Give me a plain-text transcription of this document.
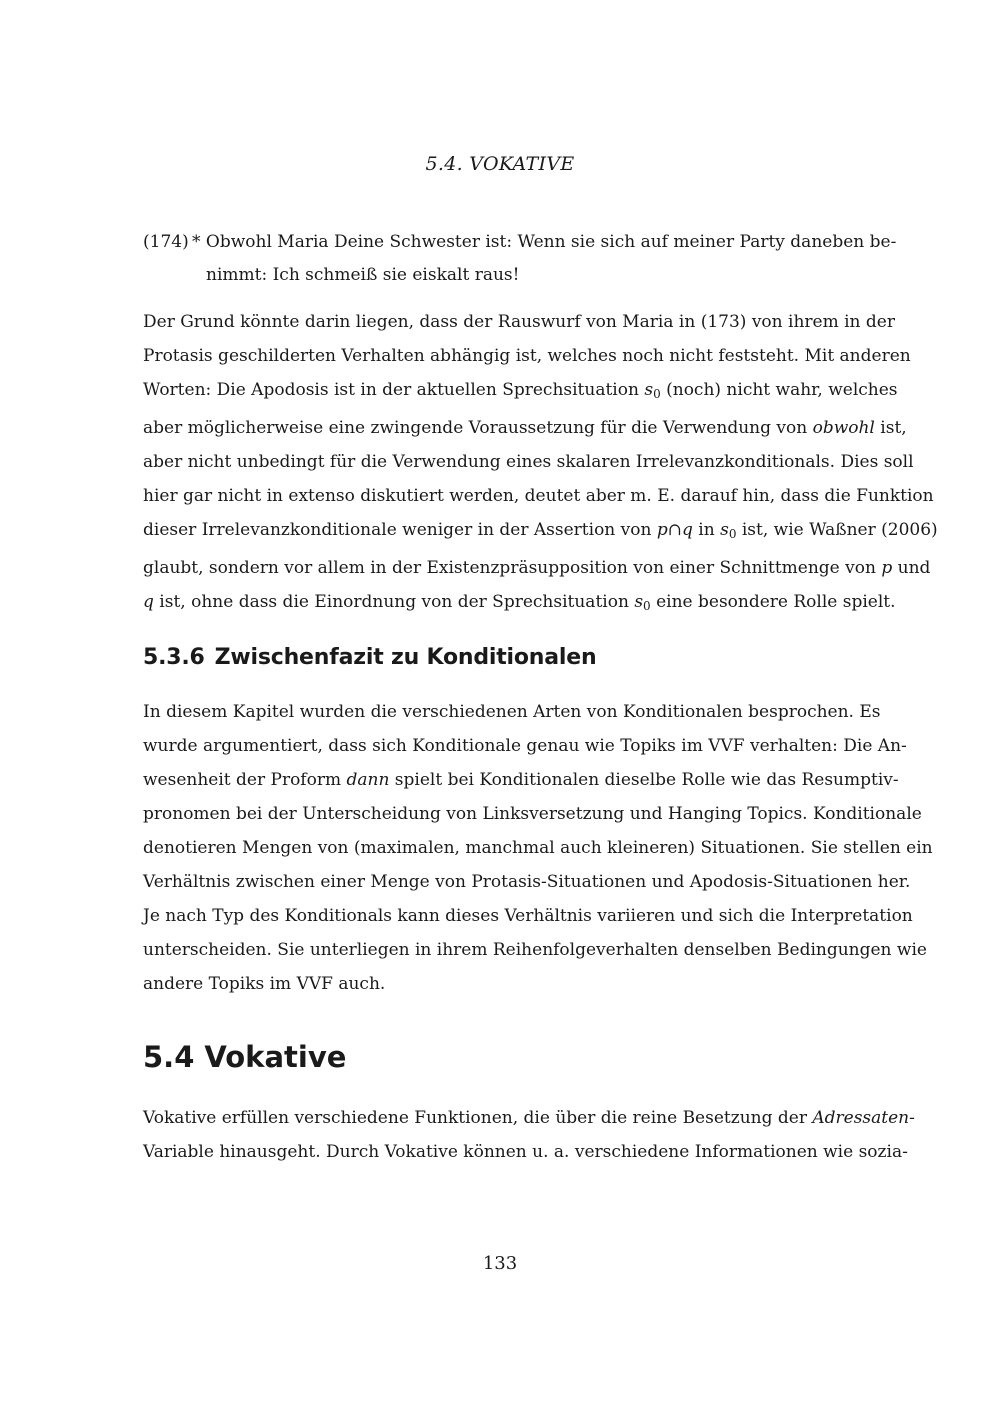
5.4. VOKATIVE
(174) * Obwohl Maria Deine Schwester ist: Wenn sie sich auf meiner Party daneben be-
nimmt: Ich schmeiß sie eiskalt raus!
Der Grund könnte darin liegen, dass der Rauswurf von Maria in (173) von ihrem in der
Protasis geschilderten Verhalten abhängig ist, welches noch nicht feststeht. Mit anderen
Worten: Die Apodosis ist in der aktuellen Sprechsituation $s_0$ (noch) nicht wahr, welches
aber möglicherweise eine zwingende Voraussetzung für die Verwendung von obwohl ist,
aber nicht unbedingt für die Verwendung eines skalaren Irrelevanzkonditionals. Dies soll
hier gar nicht in extenso diskutiert werden, deutet aber m. E. darauf hin, dass die Funktion
dieser Irrelevanzkonditionale weniger in der Assertion von p∩q in $s_0$ ist, wie Waßner (2006)
glaubt, sondern vor allem in der Existenzpräsupposition von einer Schnittmenge von p und
q ist, ohne dass die Einordnung von der Sprechsituation $s_0$ eine besondere Rolle spielt.
5.3.6 Zwischenfazit zu Konditionalen
In diesem Kapitel wurden die verschiedenen Arten von Konditionalen besprochen. Es
wurde argumentiert, dass sich Konditionale genau wie Topiks im VVF verhalten: Die An-
wesenheit der Proform dann spielt bei Konditionalen dieselbe Rolle wie das Resumptiv-
pronomen bei der Unterscheidung von Linksversetzung und Hanging Topics. Konditionale
denotieren Mengen von (maximalen, manchmal auch kleineren) Situationen. Sie stellen ein
Verhältnis zwischen einer Menge von Protasis-Situationen und Apodosis-Situationen her.
Je nach Typ des Konditionals kann dieses Verhältnis variieren und sich die Interpretation
unterscheiden. Sie unterliegen in ihrem Reihenfolgeverhalten denselben Bedingungen wie
andere Topiks im VVF auch.
5.4 Vokative
Vokative erfüllen verschiedene Funktionen, die über die reine Besetzung der Adressaten-
Variable hinausgeht. Durch Vokative können u. a. verschiedene Informationen wie sozia-
133
